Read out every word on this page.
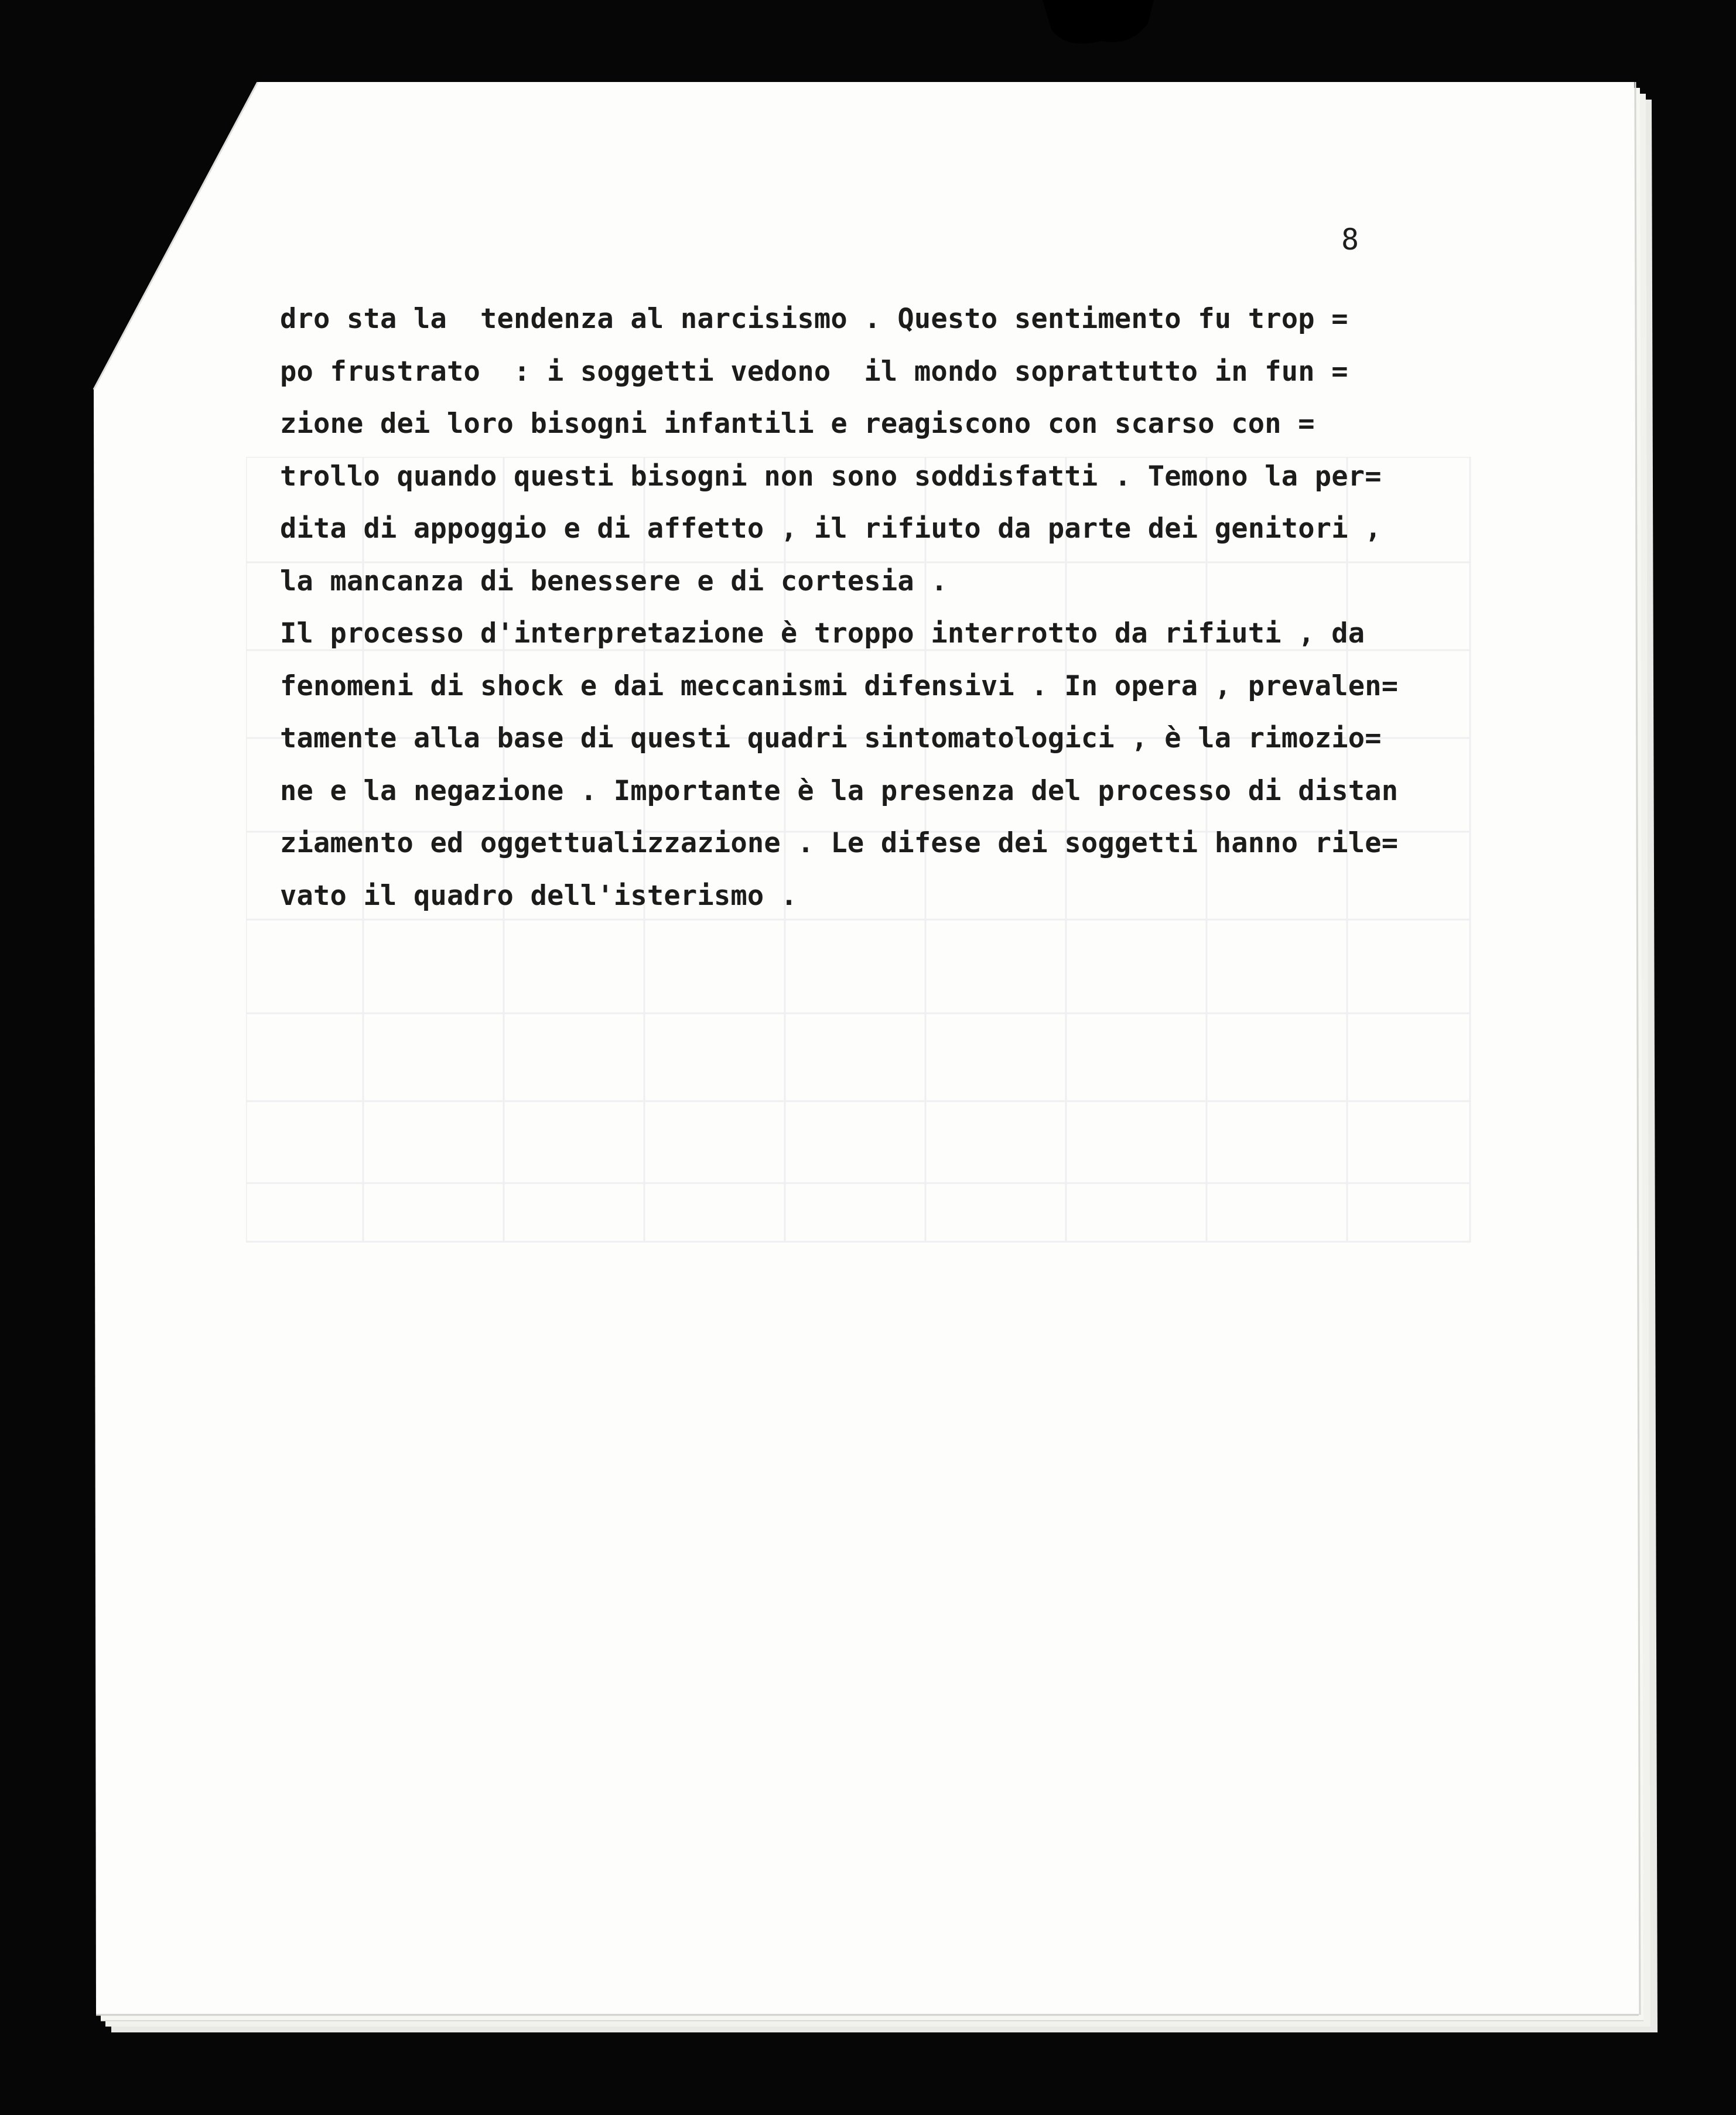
8
dro sta la  tendenza al narcisismo . Questo sentimento fu trop =
po frustrato  : i soggetti vedono  il mondo soprattutto in fun =
zione dei loro bisogni infantili e reagiscono con scarso con =
trollo quando questi bisogni non sono soddisfatti . Temono la per=
dita di appoggio e di affetto , il rifiuto da parte dei genitori ,
la mancanza di benessere e di cortesia .
Il processo d'interpretazione è troppo interrotto da rifiuti , da
fenomeni di shock e dai meccanismi difensivi . In opera , prevalen=
tamente alla base di questi quadri sintomatologici , è la rimozio=
ne e la negazione . Importante è la presenza del processo di distan
ziamento ed oggettualizzazione . Le difese dei soggetti hanno rile=
vato il quadro dell'isterismo .
